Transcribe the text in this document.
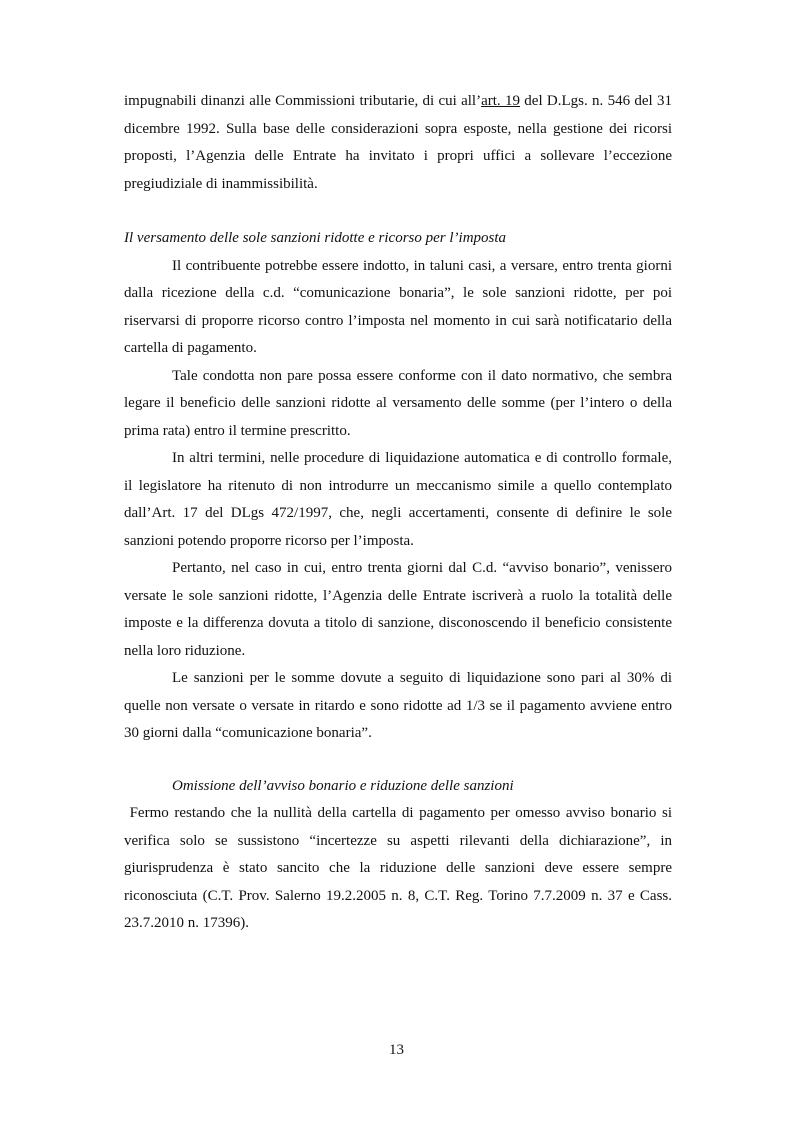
impugnabili dinanzi alle Commissioni tributarie, di cui all’art. 19 del D.Lgs. n. 546 del 31 dicembre 1992. Sulla base delle considerazioni sopra esposte, nella gestione dei ricorsi proposti, l’Agenzia delle Entrate ha invitato i propri uffici a sollevare l’eccezione pregiudiziale di inammissibilità.

Il versamento delle sole sanzioni ridotte e ricorso per l’imposta

Il contribuente potrebbe essere indotto, in taluni casi, a versare, entro trenta giorni dalla ricezione della c.d. “comunicazione bonaria”, le sole sanzioni ridotte, per poi riservarsi di proporre ricorso contro l’imposta nel momento in cui sarà notificatario della cartella di pagamento.

Tale condotta non pare possa essere conforme con il dato normativo, che sembra legare il beneficio delle sanzioni ridotte al versamento delle somme (per l’intero o della prima rata) entro il termine prescritto.

In altri termini, nelle procedure di liquidazione automatica e di controllo formale, il legislatore ha ritenuto di non introdurre un meccanismo simile a quello contemplato dall’Art. 17 del DLgs 472/1997, che, negli accertamenti, consente di definire le sole sanzioni potendo proporre ricorso per l’imposta.

Pertanto, nel caso in cui, entro trenta giorni dal C.d. “avviso bonario”, venissero versate le sole sanzioni ridotte, l’Agenzia delle Entrate iscriverà a ruolo la totalità delle imposte e la differenza dovuta a titolo di sanzione, disconoscendo il beneficio consistente nella loro riduzione.

Le sanzioni per le somme dovute a seguito di liquidazione sono pari al 30% di quelle non versate o versate in ritardo e sono ridotte ad 1/3 se il pagamento avviene entro 30 giorni dalla “comunicazione bonaria”.

Omissione dell’avviso bonario e riduzione delle sanzioni

Fermo restando che la nullità della cartella di pagamento per omesso avviso bonario si verifica solo se sussistono “incertezze su aspetti rilevanti della dichiarazione”, in giurisprudenza è stato sancito che la riduzione delle sanzioni deve essere sempre riconosciuta (C.T. Prov. Salerno 19.2.2005 n. 8, C.T. Reg. Torino 7.7.2009 n. 37 e Cass. 23.7.2010 n. 17396).

13
